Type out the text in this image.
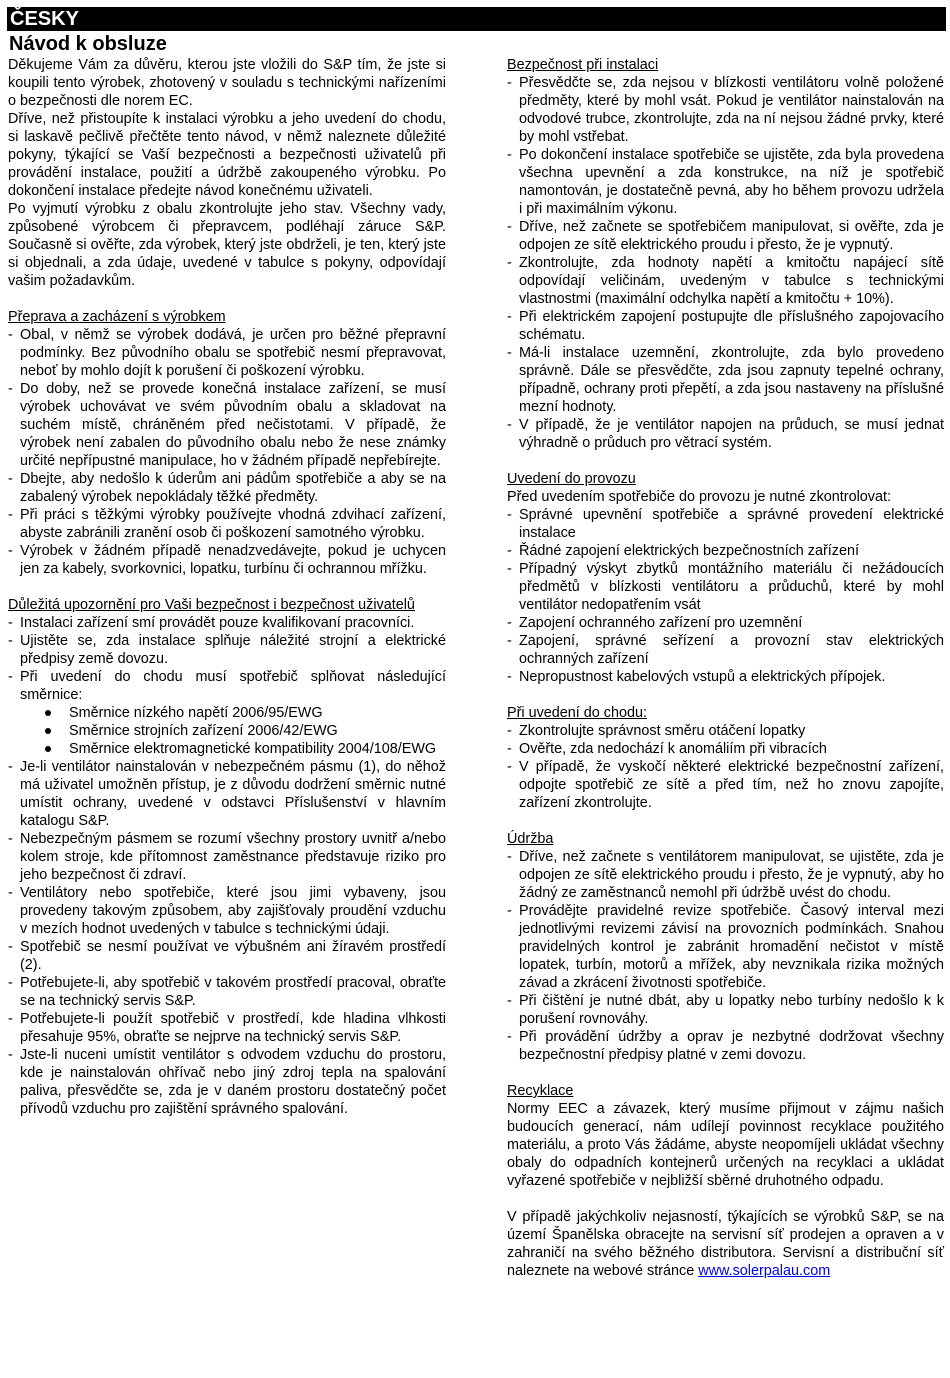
ČESKY
Návod k obsluze

Děkujeme Vám za důvěru, kterou jste vložili do S&P tím, že jste si koupili tento výrobek, zhotovený v souladu s technickými nařízeními o bezpečnosti dle norem EC.

Dříve, než přistoupíte k instalaci výrobku a jeho uvedení do chodu, si laskavě pečlivě přečtěte tento návod, v němž naleznete důležité pokyny, týkající se Vaší bezpečnosti a bezpečnosti uživatelů při provádění instalace, použití a údržbě zakoupeného výrobku. Po dokončení instalace předejte návod konečnému uživateli.

Po vyjmutí výrobku z obalu zkontrolujte jeho stav. Všechny vady, způsobené výrobcem či přepravcem, podléhají záruce S&P. Současně si ověřte, zda výrobek, který jste obdrželi, je ten, který jste si objednali, a zda údaje, uvedené v tabulce s pokyny, odpovídají vašim požadavkům.

Přeprava a zacházení s výrobkem

- Obal, v němž se výrobek dodává, je určen pro běžné přepravní podmínky. Bez původního obalu se spotřebič nesmí přepravovat, neboť by mohlo dojít k porušení či poškození výrobku.
- Do doby, než se provede konečná instalace zařízení, se musí výrobek uchovávat ve svém původním obalu a skladovat na suchém místě, chráněném před nečistotami. V případě, že výrobek není zabalen do původního obalu nebo že nese známky určité nepřípustné manipulace, ho v žádném případě nepřebírejte.
- Dbejte, aby nedošlo k úderům ani pádům spotřebiče a aby se na zabalený výrobek nepokládaly těžké předměty.
- Při práci s těžkými výrobky používejte vhodná zdvihací zařízení, abyste zabránili zranění osob či poškození samotného výrobku.
- Výrobek v žádném případě nenadzvedávejte, pokud je uchycen jen za kabely, svorkovnici, lopatku, turbínu či ochrannou mřížku.

Důležitá upozornění pro Vaši bezpečnost i bezpečnost uživatelů

- Instalaci zařízení smí provádět pouze kvalifikovaní pracovníci.
- Ujistěte se, zda instalace splňuje náležité strojní a elektrické předpisy země dovozu.
- Při uvedení do chodu musí spotřebič splňovat následující směrnice:
Směrnice nízkého napětí 2006/95/EWG
Směrnice strojních zařízení 2006/42/EWG
Směrnice elektromagnetické kompatibility 2004/108/EWG
- Je-li ventilátor nainstalován v nebezpečném pásmu (1), do něhož má uživatel umožněn přístup, je z důvodu dodržení směrnic nutné umístit ochrany, uvedené v odstavci Příslušenství v hlavním katalogu S&P.
- Nebezpečným pásmem se rozumí všechny prostory uvnitř a/nebo kolem stroje, kde přítomnost zaměstnance představuje riziko pro jeho bezpečnost či zdraví.
- Ventilátory nebo spotřebiče, které jsou jimi vybaveny, jsou provedeny takovým způsobem, aby zajišťovaly proudění vzduchu v mezích hodnot uvedených v tabulce s technickými údaji.
- Spotřebič se nesmí používat ve výbušném ani žíravém prostředí (2).
- Potřebujete-li, aby spotřebič v takovém prostředí pracoval, obraťte se na technický servis S&P.
- Potřebujete-li použít spotřebič v prostředí, kde hladina vlhkosti přesahuje 95%, obraťte se nejprve na technický servis S&P.
- Jste-li nuceni umístit ventilátor s odvodem vzduchu do prostoru, kde je nainstalován ohřívač nebo jiný zdroj tepla na spalování paliva, přesvědčte se, zda je v daném prostoru dostatečný počet přívodů vzduchu pro zajištění správného spalování.

Bezpečnost při instalaci

- Přesvědčte se, zda nejsou v blízkosti ventilátoru volně položené předměty, které by mohl vsát. Pokud je ventilátor nainstalován na odvodové trubce, zkontrolujte, zda na ní nejsou žádné prvky, které by mohl vstřebat.
- Po dokončení instalace spotřebiče se ujistěte, zda byla provedena všechna upevnění a zda konstrukce, na níž je spotřebič namontován, je dostatečně pevná, aby ho během provozu udržela i při maximálním výkonu.
- Dříve, než začnete se spotřebičem manipulovat, si ověřte, zda je odpojen ze sítě elektrického proudu i přesto, že je vypnutý.
- Zkontrolujte, zda hodnoty napětí a kmitočtu napájecí sítě odpovídají veličinám, uvedeným v tabulce s technickými vlastnostmi (maximální odchylka napětí a kmitočtu + 10%).
- Při elektrickém zapojení postupujte dle příslušného zapojovacího schématu.
- Má-li instalace uzemnění, zkontrolujte, zda bylo provedeno správně. Dále se přesvědčte, zda jsou zapnuty tepelné ochrany, případně, ochrany proti přepětí, a zda jsou nastaveny na příslušné mezní hodnoty.
- V případě, že je ventilátor napojen na průduch, se musí jednat výhradně o průduch pro větrací systém.

Uvedení do provozu

Před uvedením spotřebiče do provozu je nutné zkontrolovat:

- Správné upevnění spotřebiče a správné provedení elektrické instalace
- Řádné zapojení elektrických bezpečnostních zařízení
- Případný výskyt zbytků montážního materiálu či nežádoucích předmětů v blízkosti ventilátoru a průduchů, které by mohl ventilátor nedopatřením vsát
- Zapojení ochranného zařízení pro uzemnění
- Zapojení, správné seřízení a provozní stav elektrických ochranných zařízení
- Nepropustnost kabelových vstupů a elektrických přípojek.

Při uvedení do chodu:

- Zkontrolujte správnost směru otáčení lopatky
- Ověřte, zda nedochází k anomáliím při vibracích
- V případě, že vyskočí některé elektrické bezpečnostní zařízení, odpojte spotřebič ze sítě a před tím, než ho znovu zapojíte, zařízení zkontrolujte.

Údržba

- Dříve, než začnete s ventilátorem manipulovat, se ujistěte, zda je odpojen ze sítě elektrického proudu i přesto, že je vypnutý, aby ho žádný ze zaměstnanců nemohl při údržbě uvést do chodu.
- Provádějte pravidelné revize spotřebiče. Časový interval mezi jednotlivými revizemi závisí na provozních podmínkách. Snahou pravidelných kontrol je zabránit hromadění nečistot v místě lopatek, turbín, motorů a mřížek, aby nevznikala rizika možných závad a zkrácení životnosti spotřebiče.
- Při čištění je nutné dbát, aby u lopatky nebo turbíny nedošlo k k porušení rovnováhy.
- Při provádění údržby a oprav je nezbytné dodržovat všechny bezpečnostní předpisy platné v zemi dovozu.

Recyklace

Normy EEC a závazek, který musíme přijmout v zájmu našich budoucích generací, nám udílejí povinnost recyklace použitého materiálu, a proto Vás žádáme, abyste neopomíjeli ukládat všechny obaly do odpadních kontejnerů určených na recyklaci a ukládat vyřazené spotřebiče v nejbližší sběrné druhotného odpadu.

V případě jakýchkoliv nejasností, týkajících se výrobků S&P, se na území Španělska obracejte na servisní síť prodejen a opraven a v zahraničí na svého běžného distributora. Servisní a distribuční síť naleznete na webové stránce www.solerpalau.com
